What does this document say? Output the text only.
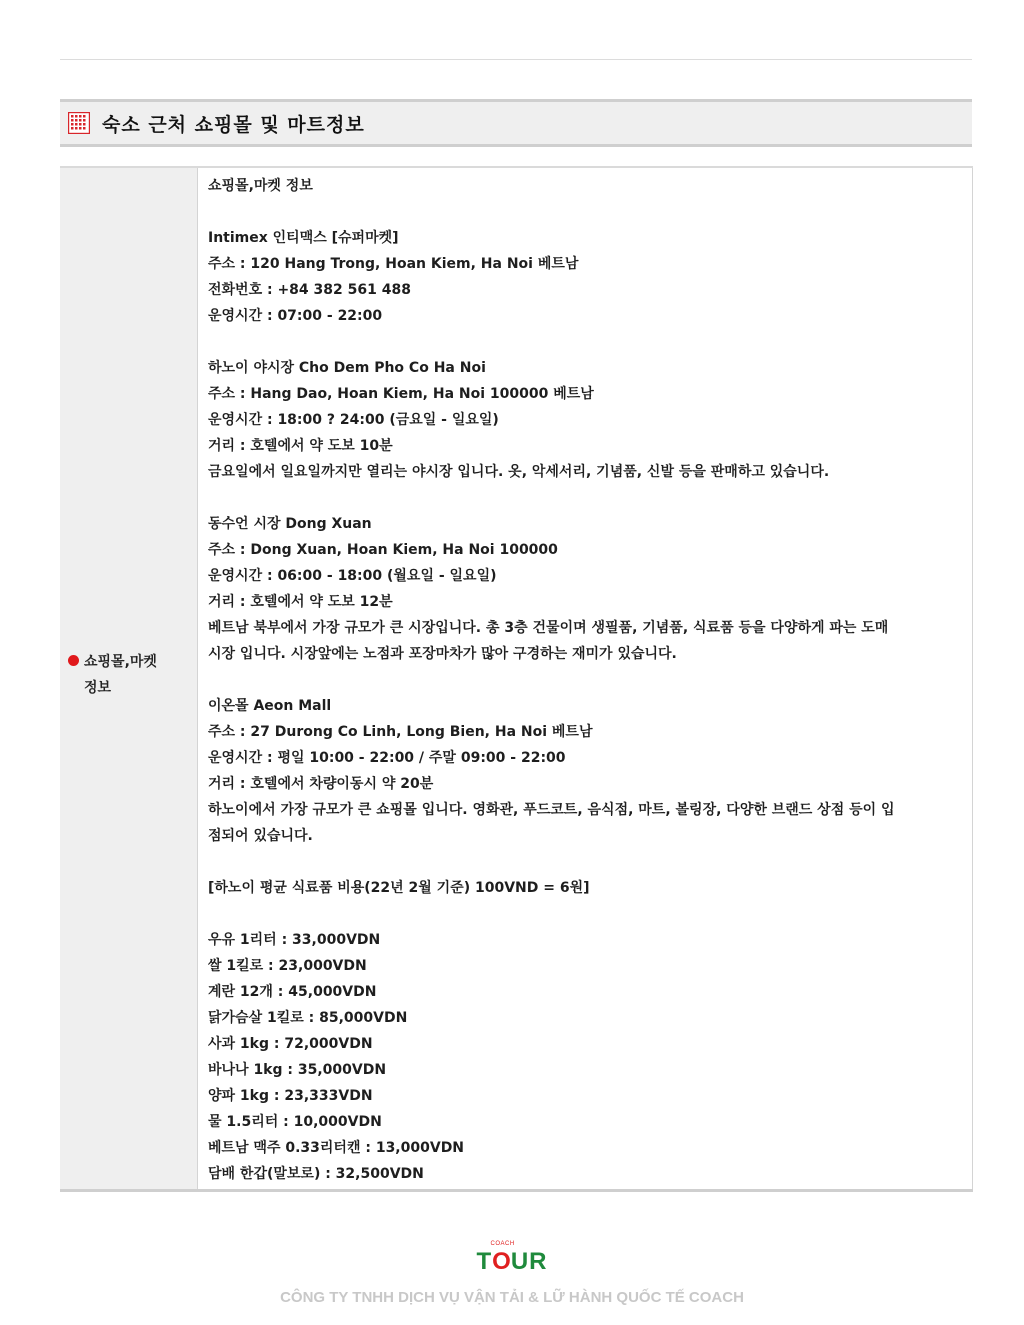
숙소 근처 쇼핑몰 및 마트정보
쇼핑몰,마켓
정보
쇼핑몰,마켓 정보
Intimex 인티맥스 [슈퍼마켓]
주소 : 120 Hang Trong, Hoan Kiem, Ha Noi 베트남
전화번호 : +84 382 561 488
운영시간 : 07:00 - 22:00
하노이 야시장 Cho Dem Pho Co Ha Noi
주소 : Hang Dao, Hoan Kiem, Ha Noi 100000 베트남
운영시간 : 18:00 ? 24:00 (금요일 - 일요일)
거리 : 호텔에서 약 도보 10분
금요일에서 일요일까지만 열리는 야시장 입니다. 옷, 악세서리, 기념품, 신발 등을 판매하고 있습니다.
동수언 시장 Dong Xuan
주소 : Dong Xuan, Hoan Kiem, Ha Noi 100000
운영시간 : 06:00 - 18:00 (월요일 - 일요일)
거리 : 호텔에서 약 도보 12분
베트남 북부에서 가장 규모가 큰 시장입니다. 총 3층 건물이며 생필품, 기념품, 식료품 등을 다양하게 파는 도매
시장 입니다. 시장앞에는 노점과 포장마차가 많아 구경하는 재미가 있습니다.
이온몰 Aeon Mall
주소 : 27 Durong Co Linh, Long Bien, Ha Noi 베트남
운영시간 : 평일 10:00 - 22:00 / 주말 09:00 - 22:00
거리 : 호텔에서 차량이동시 약 20분
하노이에서 가장 규모가 큰 쇼핑몰 입니다. 영화관, 푸드코트, 음식점, 마트, 볼링장, 다양한 브랜드 상점 등이 입
점되어 있습니다.
[하노이 평균 식료품 비용(22년 2월 기준) 100VND = 6원]
우유 1리터 : 33,000VDN
쌀 1킬로 : 23,000VDN
계란 12개 : 45,000VDN
닭가슴살 1킬로 : 85,000VDN
사과 1kg : 72,000VDN
바나나 1kg : 35,000VDN
양파 1kg : 23,333VDN
물 1.5리터 : 10,000VDN
베트남 맥주 0.33리터캔 : 13,000VDN
담배 한갑(말보로) : 32,500VDN
COACH
TOUR
CÔNG TY TNHH DỊCH VỤ VẬN TẢI & LỮ HÀNH QUỐC TẾ COACH
